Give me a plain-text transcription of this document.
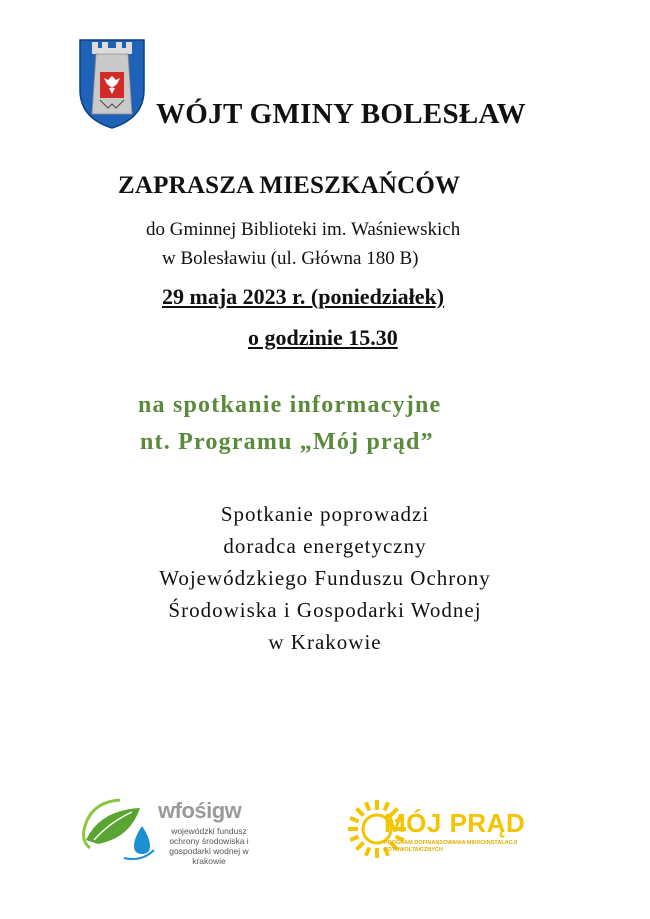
WÓJT GMINY BOLESŁAW
ZAPRASZA MIESZKAŃCÓW
do Gminnej Biblioteki im. Waśniewskich
w Bolesławiu (ul. Główna 180 B)
29 maja 2023 r. (poniedziałek)
o godzinie 15.30
na spotkanie informacyjne
nt. Programu „Mój prąd”
Spotkanie poprowadzi
doradca energetyczny
Wojewódzkiego Funduszu Ochrony
Środowiska i Gospodarki Wodnej
w Krakowie
wfośigw
wojewódzki fundusz ochrony środowiska i gospodarki wodnej w krakowie
MÓJ PRĄD
PROGRAM DOFINANSOWANIA MIKROINSTALACJI FOTOWOLTAICZNYCH
